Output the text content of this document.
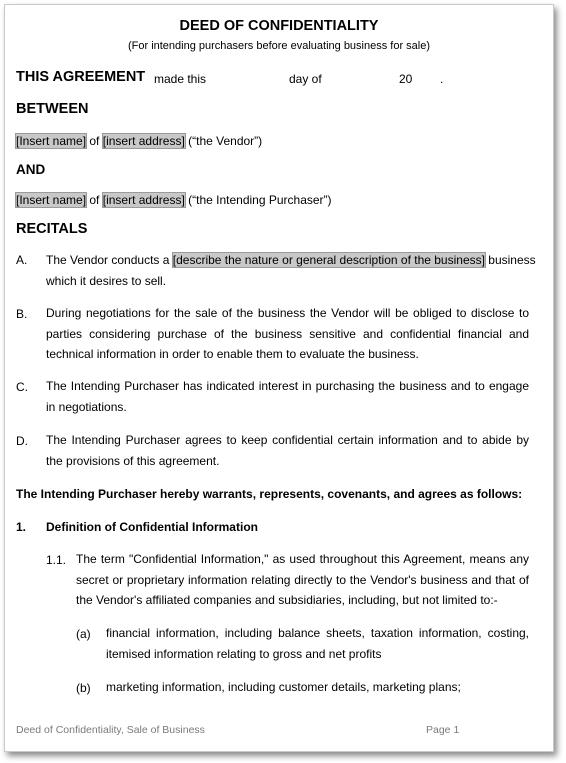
DEED OF CONFIDENTIALITY
(For intending purchasers before evaluating business for sale)
THIS AGREEMENT made this	day of	20 .
BETWEEN
[Insert name] of [insert address] (“the Vendor”)
AND
[Insert name] of [insert address] (“the Intending Purchaser”)
RECITALS
A. The Vendor conducts a [describe the nature or general description of the business] business
which it desires to sell.
B. During negotiations for the sale of the business the Vendor will be obliged to disclose to parties considering purchase of the business sensitive and confidential financial and technical information in order to enable them to evaluate the business.
C. The Intending Purchaser has indicated interest in purchasing the business and to engage in negotiations.
D. The Intending Purchaser agrees to keep confidential certain information and to abide by the provisions of this agreement.
The Intending Purchaser hereby warrants, represents, covenants, and agrees as follows:
1. Definition of Confidential Information
1.1. The term "Confidential Information," as used throughout this Agreement, means any secret or proprietary information relating directly to the Vendor's business and that of the Vendor's affiliated companies and subsidiaries, including, but not limited to:-
(a) financial information, including balance sheets, taxation information, costing, itemised information relating to gross and net profits
(b) marketing information, including customer details, marketing plans;
Deed of Confidentiality, Sale of Business	Page 1
